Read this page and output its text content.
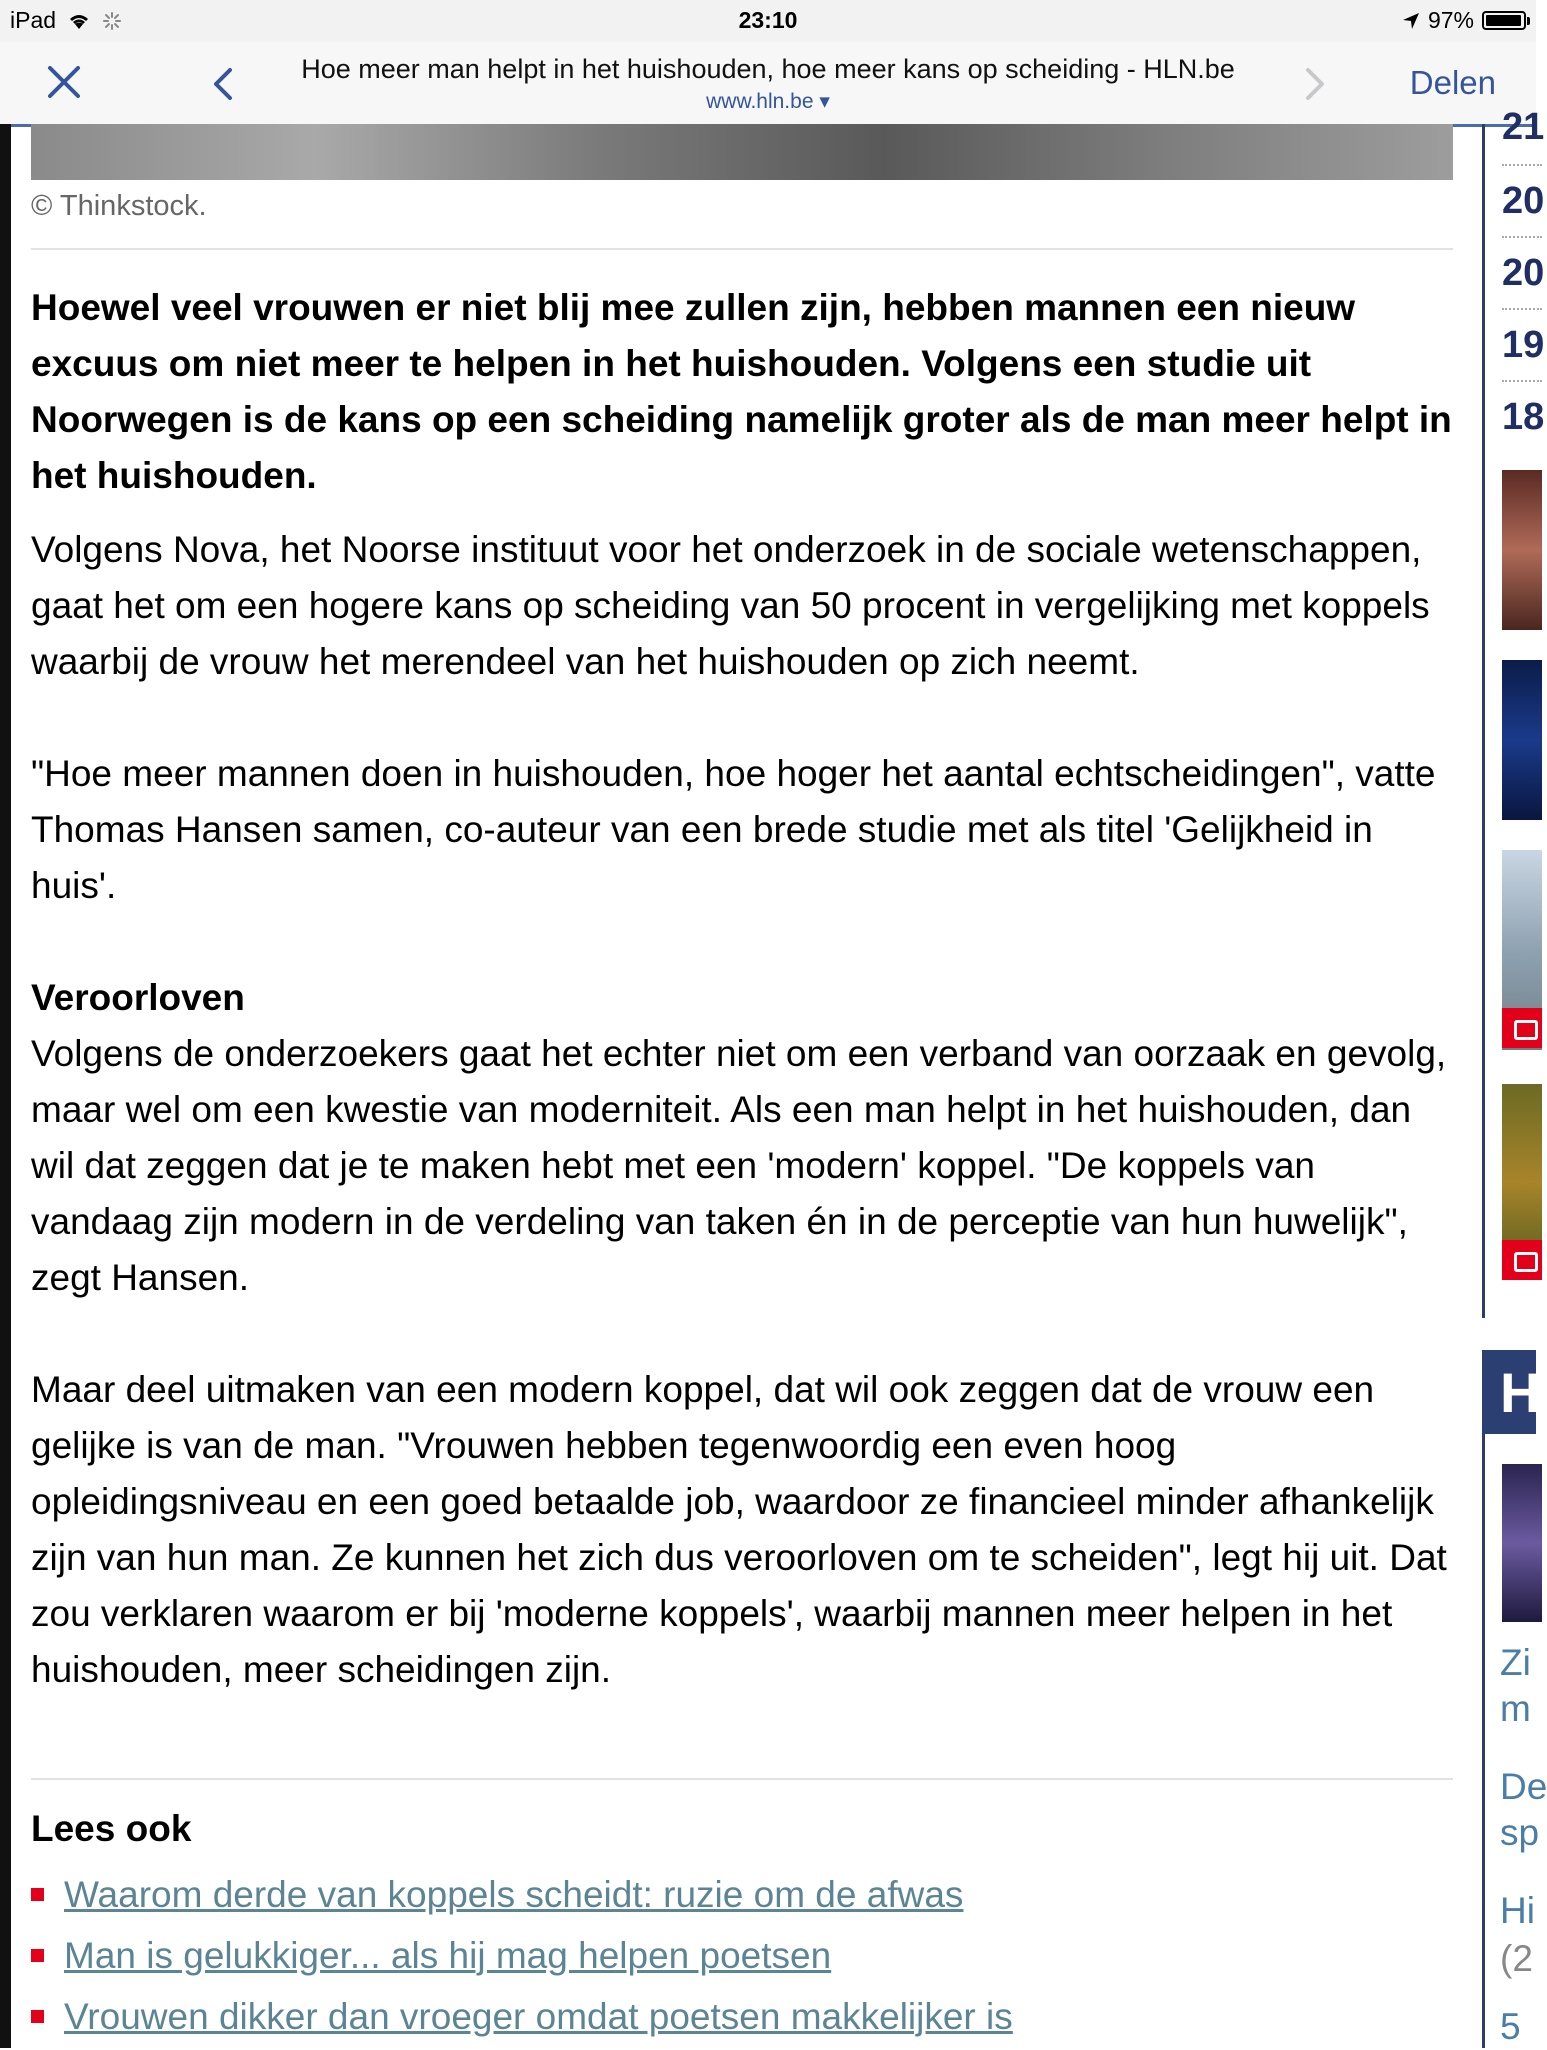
iPad	23:10	97%
Hoe meer man helpt in het huishouden, hoe meer kans op scheiding - HLN.be
www.hln.be ▾
Delen
© Thinkstock.
Hoewel veel vrouwen er niet blij mee zullen zijn, hebben mannen een nieuw excuus om niet meer te helpen in het huishouden. Volgens een studie uit Noorwegen is de kans op een scheiding namelijk groter als de man meer helpt in het huishouden.

Volgens Nova, het Noorse instituut voor het onderzoek in de sociale wetenschappen, gaat het om een hogere kans op scheiding van 50 procent in vergelijking met koppels waarbij de vrouw het merendeel van het huishouden op zich neemt.

"Hoe meer mannen doen in huishouden, hoe hoger het aantal echtscheidingen", vatte Thomas Hansen samen, co-auteur van een brede studie met als titel 'Gelijkheid in huis'.

Veroorloven

Volgens de onderzoekers gaat het echter niet om een verband van oorzaak en gevolg, maar wel om een kwestie van moderniteit. Als een man helpt in het huishouden, dan wil dat zeggen dat je te maken hebt met een 'modern' koppel. "De koppels van vandaag zijn modern in de verdeling van taken én in de perceptie van hun huwelijk", zegt Hansen.

Maar deel uitmaken van een modern koppel, dat wil ook zeggen dat de vrouw een gelijke is van de man. "Vrouwen hebben tegenwoordig een even hoog opleidingsniveau en een goed betaalde job, waardoor ze financieel minder afhankelijk zijn van hun man. Ze kunnen het zich dus veroorloven om te scheiden", legt hij uit. Dat zou verklaren waarom er bij 'moderne koppels', waarbij mannen meer helpen in het huishouden, meer scheidingen zijn.

Lees ook
Waarom derde van koppels scheidt: ruzie om de afwas
Man is gelukkiger... als hij mag helpen poetsen
Vrouwen dikker dan vroeger omdat poetsen makkelijker is
21
20
20
19
18
H
Zi
m
De
sp
Hi
(2
5
